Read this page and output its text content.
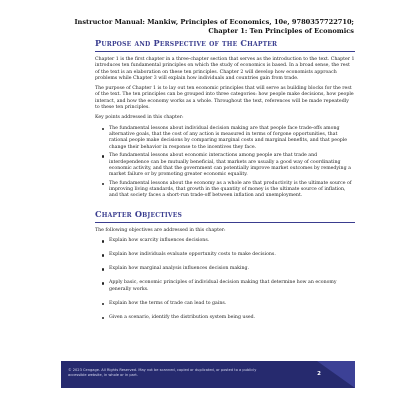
Instructor Manual: Mankiw, Principles of Economics, 10e, 9780357722710;
Chapter 1: Ten Principles of Economics
Purpose and Perspective of the Chapter

Chapter 1 is the first chapter in a three-chapter section that serves as the introduction to the text. Chapter 1 introduces ten fundamental principles on which the study of economics is based. In a broad sense, the rest of the text is an elaboration on these ten principles. Chapter 2 will develop how economists approach problems while Chapter 3 will explain how individuals and countries gain from trade.

The purpose of Chapter 1 is to lay out ten economic principles that will serve as building blocks for the rest of the text. The ten principles can be grouped into three categories: how people make decisions, how people interact, and how the economy works as a whole. Throughout the text, references will be made repeatedly to these ten principles.

Key points addressed in this chapter:

The fundamental lessons about individual decision making are that people face trade-offs among alternative goals, that the cost of any action is measured in terms of forgone opportunities, that rational people make decisions by comparing marginal costs and marginal benefits, and that people change their behavior in response to the incentives they face.
The fundamental lessons about economic interactions among people are that trade and interdependence can be mutually beneficial, that markets are usually a good way of coordinating economic activity, and that the government can potentially improve market outcomes by remedying a market failure or by promoting greater economic equality.
The fundamental lessons about the economy as a whole are that productivity is the ultimate source of improving living standards, that growth in the quantity of money is the ultimate source of inflation, and that society faces a short-run trade-off between inflation and unemployment.
Chapter Objectives

The following objectives are addressed in this chapter:

Explain how scarcity influences decisions.
Explain how individuals evaluate opportunity costs to make decisions.
Explain how marginal analysis influences decision making.
Apply basic, economic principles of individual decision making that determine how an economy generally works.
Explain how the terms of trade can lead to gains.
Given a scenario, identify the distribution system being used.
© 2023 Cengage. All Rights Reserved. May not be scanned, copied or duplicated, or posted to a publicly accessible website, in whole or in part.	2
